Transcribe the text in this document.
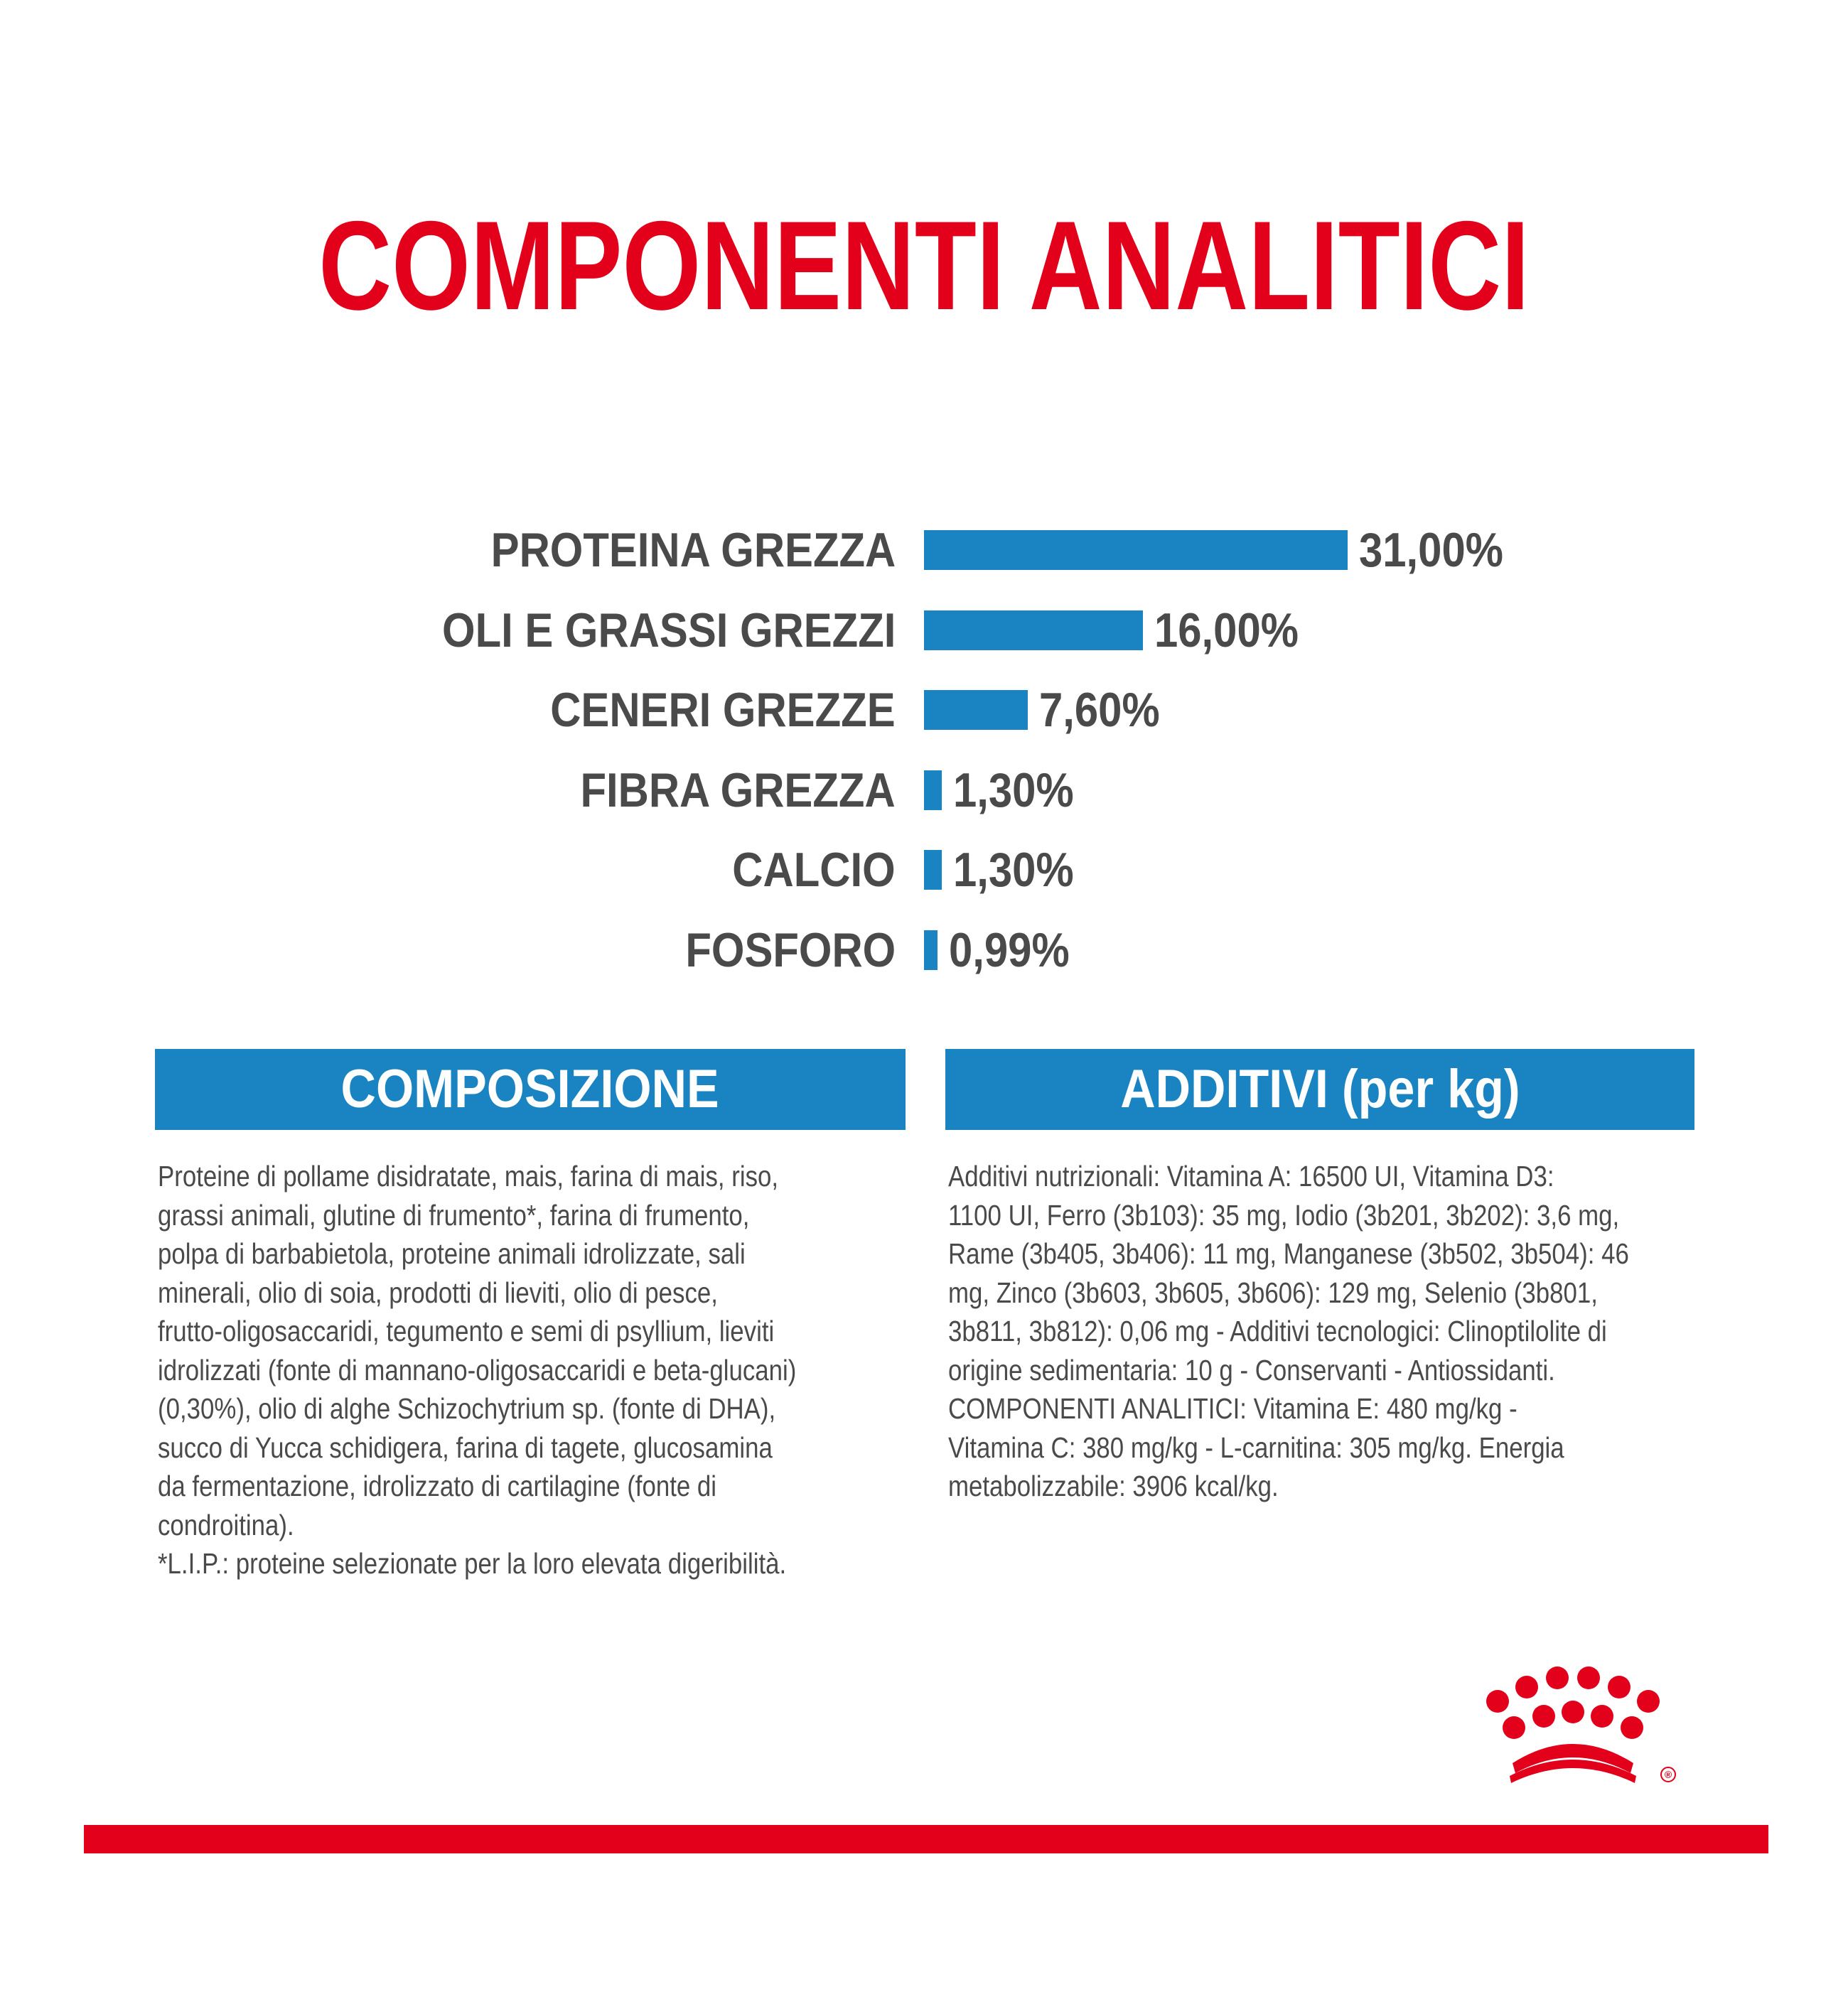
COMPONENTI ANALITICI
PROTEINA GREZZA	31,00%
OLI E GRASSI GREZZI	16,00%
CENERI GREZZE	7,60%
FIBRA GREZZA 1,30%
CALCIO 1,30%
FOSFORO 0,99%
COMPOSIZIONE	ADDITIVI (per kg)
Proteine di pollame disidratate, mais, farina di mais, riso,
grassi animali, glutine di frumento*, farina di frumento,
polpa di barbabietola, proteine animali idrolizzate, sali
minerali, olio di soia, prodotti di lieviti, olio di pesce,
frutto-oligosaccaridi, tegumento e semi di psyllium, lieviti
idrolizzati (fonte di mannano-oligosaccaridi e beta-glucani)
(0,30%), olio di alghe Schizochytrium sp. (fonte di DHA),
succo di Yucca schidigera, farina di tagete, glucosamina
da fermentazione, idrolizzato di cartilagine (fonte di
condroitina).
*L.I.P.: proteine selezionate per la loro elevata digeribilità.
Additivi nutrizionali: Vitamina A: 16500 UI, Vitamina D3:
1100 UI, Ferro (3b103): 35 mg, Iodio (3b201, 3b202): 3,6 mg,
Rame (3b405, 3b406): 11 mg, Manganese (3b502, 3b504): 46
mg, Zinco (3b603, 3b605, 3b606): 129 mg, Selenio (3b801,
3b811, 3b812): 0,06 mg - Additivi tecnologici: Clinoptilolite di
origine sedimentaria: 10 g - Conservanti - Antiossidanti.
COMPONENTI ANALITICI: Vitamina E: 480 mg/kg -
Vitamina C: 380 mg/kg - L-carnitina: 305 mg/kg. Energia
metabolizzabile: 3906 kcal/kg.
®
